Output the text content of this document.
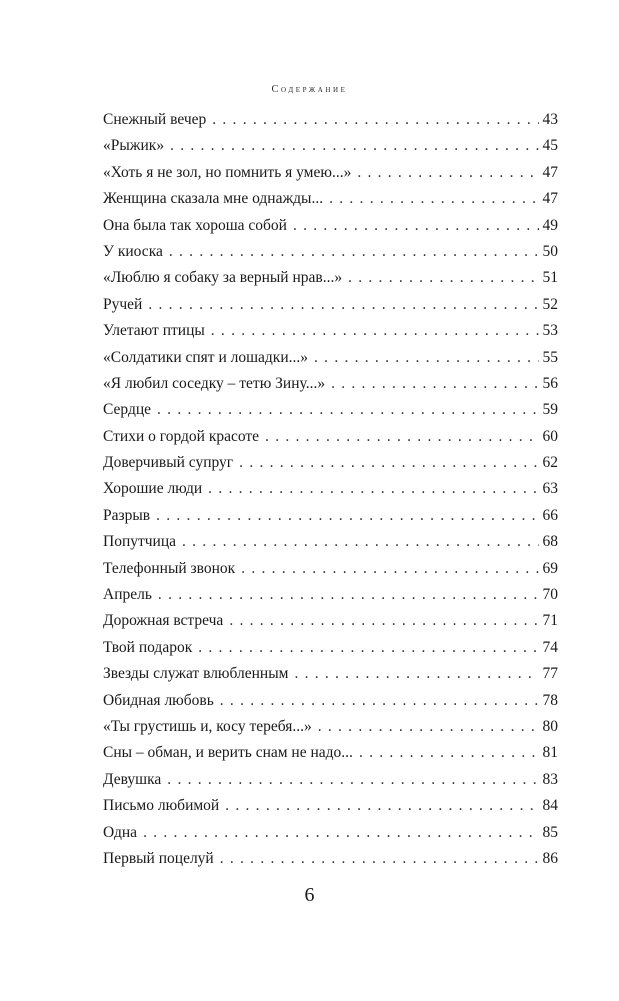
Содержание
Снежный вечер . . .	43
«Рыжик» . . .	45
«Хоть я не зол, но помнить я умею...» . . .	47
Женщина сказала мне однажды... . . .	47
Она была так хороша собой . . .	49
У киоска . . .	50
«Люблю я собаку за верный нрав...» . . .	51
Ручей . . .	52
Улетают птицы . . .	53
«Солдатики спят и лошадки...» . . .	55
«Я любил соседку – тетю Зину...» . . .	56
Сердце . . .	59
Стихи о гордой красоте . . .	60
Доверчивый супруг . . .	62
Хорошие люди . . .	63
Разрыв . . .	66
Попутчица . . .	68
Телефонный звонок . . .	69
Апрель . . .	70
Дорожная встреча . . .	71
Твой подарок . . .	74
Звезды служат влюбленным . . .	77
Обидная любовь . . .	78
«Ты грустишь и, косу теребя...» . . .	80
Сны – обман, и верить снам не надо... . . .	81
Девушка . . .	83
Письмо любимой . . .	84
Одна . . .	85
Первый поцелуй . . .	86
6
